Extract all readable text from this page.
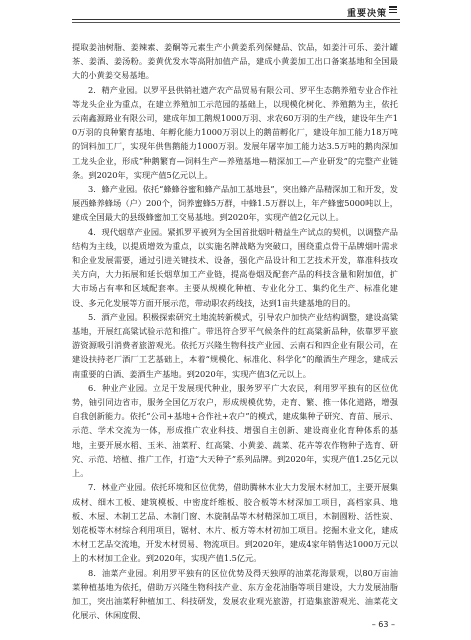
重要决策

提取姜油树脂、姜辣素、姜酮等元素生产小黄姜系列保健品、饮品，如姜汁可乐、姜汁罐茶、姜酒、姜汤粉。姜黄优发水等高附加值产品，建成小黄姜加工出口备案基地和全国最大的小黄姜交易基地。

2．精产业园。以罗平县供销社遗产农产品贸易有限公司、罗平生态鹅养殖专业合作社等龙头企业为重点，在建立养殖加工示范园的基础上，以现模化树化、养殖鹅为主，依托云南鑫源路业有限公司，建成年加工鹅规1000万羽、求农60万羽的生产线，建设年生产10万羽的良种繁育基地、年孵化能力1000万羽以上的鹅苗孵化厂，建设年加工能力18万吨的饲料加工厂，实现年供售鹅能力1000万羽。发展年屠宰加工能力达3.5万吨的鹅肉深加工龙头企业，形成“种鹅繁育—饲料生产—养殖基地—精深加工—产业研发”的完整产业链条。到2020年，实现产值5亿元以上。

3．蜂产业园。依托“蜂蜂谷蜜和蜂产品加工基地县”，突出蜂产品精深加工和开发，发展西蜂养蜂场（户）200个，饲养蜜蜂5万群，中蜂1.5万群以上，年产蜂蜜5000吨以上，建成全国最大的县级蜂蜜加工交易基地。到2020年，实现产值2亿元以上。

4．现代烟草产业园。紧抓罗平被列为全国首批烟叶精益生产试点的契机，以调整产品结构为主线，以提质增效为重点，以实施名牌战略为突破口，围绕重点骨干品牌烟叶需求和企业发展需要，通过引进关键技术、设备，强化产品设计和工艺技术开发，靠准科技攻关方向，大力拓展和延长烟草加工产业链，提高卷烟及配套产品的科技含量和附加值，扩大市场占有率和区域配套率。主要从规模化种植、专业化分工、集约化生产、标准化建设、多元化发展等方面开展示范，带动职农药线技，达到1亩共建基地的目的。

5．酒产业园。积极探索研究土地流转新模式，引导农户加快产业结构调整，建设高粱基地，开展红高粱试验示范和推广。带迅符合罗平气候条件的红高粱新品种，依靠罗平旅游资源吸引消费者旅游观光。依托万兴隆生物科技产业园、云南石和四企业有限公司，在建设扶持老厂酒厂工艺基础上，本着“规模化、标准化、科学化”的酿酒生产理念，建成云南重要的白酒、姜酒生产基地。到2020年，实现产值3亿元以上。

6．种业产业园。立足于发展现代种业，服务罗平广大农民，利用罗平独有的区位优势，铀引同边省市，服务全国亿万农户，形成规模优势，走育、繁、推一体化道路，增强自我创新能力。依托“公司+基地+合作社+农户”的模式，建成集种子研究、育苗、展示、示范、学术交流为一体，形成推广农业科技、增强自主创新、建设商业化育种体系的基地，主要开展水稻、玉米、油菜籽、红高粱、小黄姜、蔬菜、花卉等农作物种子选育、研究、示范、培植、推广工作，打造“大天种子”系列品牌。到2020年，实现产值1.25亿元以上。

7．林业产业园。依托环境和区位优势，借助腾林木业大力发展木材加工，主要开展集成材、细木工板、建筑模板、中密度纤维板、胶合板等木材深加工项目，高档家具、地板、木屋、木制工艺品、木制门窗、木旋制品等木材精深加工项目，木制圆粉、活性炭、划花板等木材综合利用项目，锯材、木片、板方等木材初加工项目。挖掘木业文化，建成木材工艺品交流地，开发木材贸易、物流项目。到2020年，建成4家年销售达1000万元以上的木材加工企业。到2020年，实现产值1.5亿元。

8．油菜产业园。利用罗平独有的区位优势及得天独厚的油菜花海景观，以80万亩油菜种植基地为依托，借助万兴隆生物科技产业、东方金花油脂等项目建设，大力发展油脂加工，突出油菜籽种植加工、科技研发，发展农业观光旅游，打造集旅游观光、油菜花文化展示、休闲度假、

– 63 –
